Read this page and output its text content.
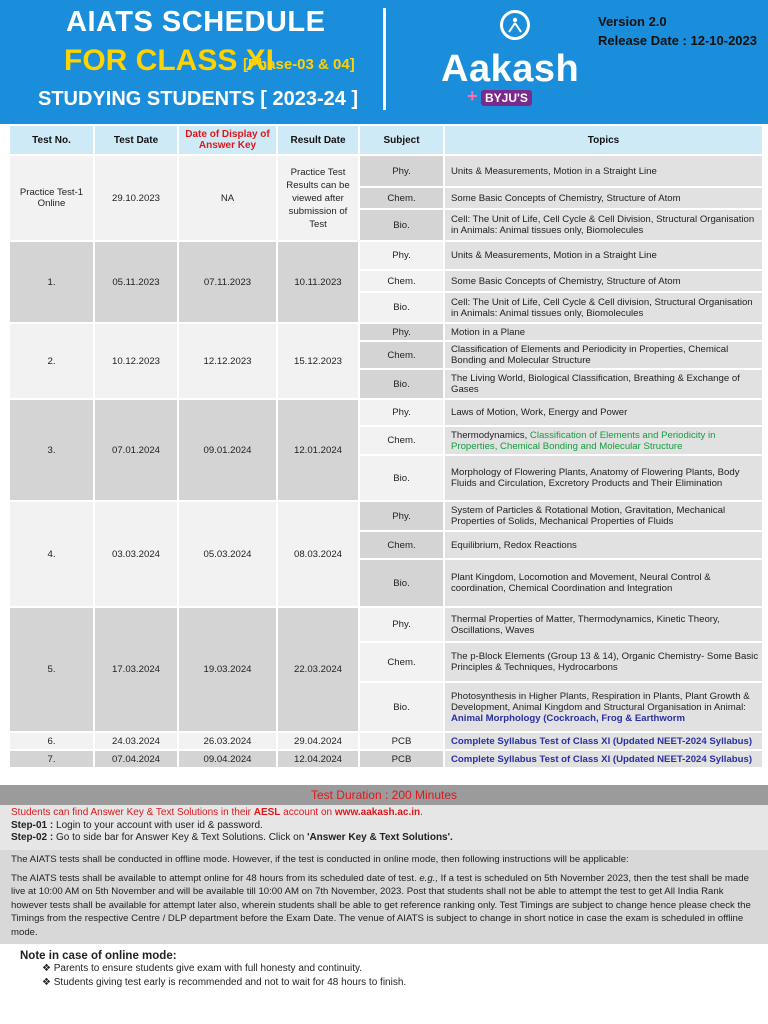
AIATS SCHEDULE
FOR CLASS XI
[Phase-03 & 04]
STUDYING STUDENTS [ 2023-24 ]
Aakash
+ BYJU'S
Version 2.0
Release Date : 12-10-2023
Test No.	Test Date	Date of Display of Answer Key	Result Date	Subject	Topics
Practice Test-1 Online	29.10.2023	NA	Practice Test Results can be viewed after submission of Test	Phy.	Units & Measurements, Motion in a Straight Line
				Chem.	Some Basic Concepts of Chemistry, Structure of Atom
				Bio.	Cell: The Unit of Life, Cell Cycle & Cell Division, Structural Organisation in Animals: Animal tissues only, Biomolecules
1.	05.11.2023	07.11.2023	10.11.2023	Phy.	Units & Measurements, Motion in a Straight Line
				Chem.	Some Basic Concepts of Chemistry, Structure of Atom
				Bio.	Cell: The Unit of Life, Cell Cycle & Cell division, Structural Organisation in Animals: Animal tissues only, Biomolecules
2.	10.12.2023	12.12.2023	15.12.2023	Phy.	Motion in a Plane
				Chem.	Classification of Elements and Periodicity in Properties, Chemical Bonding and Molecular Structure
				Bio.	The Living World, Biological Classification, Breathing & Exchange of Gases
3.	07.01.2024	09.01.2024	12.01.2024	Phy.	Laws of Motion, Work, Energy and Power
				Chem.	Thermodynamics, Classification of Elements and Periodicity in Properties, Chemical Bonding and Molecular Structure
				Bio.	Morphology of Flowering Plants, Anatomy of Flowering Plants, Body Fluids and Circulation, Excretory Products and Their Elimination
4.	03.03.2024	05.03.2024	08.03.2024	Phy.	System of Particles & Rotational Motion, Gravitation, Mechanical Properties of Solids, Mechanical Properties of Fluids
				Chem.	Equilibrium, Redox Reactions
				Bio.	Plant Kingdom, Locomotion and Movement, Neural Control & coordination, Chemical Coordination and Integration
5.	17.03.2024	19.03.2024	22.03.2024	Phy.	Thermal Properties of Matter, Thermodynamics, Kinetic Theory, Oscillations, Waves
				Chem.	The p-Block Elements (Group 13 & 14), Organic Chemistry- Some Basic Principles & Techniques, Hydrocarbons
				Bio.	Photosynthesis in Higher Plants, Respiration in Plants, Plant Growth & Development, Animal Kingdom and Structural Organisation in Animal: Animal Morphology (Cockroach, Frog & Earthworm
6.	24.03.2024	26.03.2024	29.04.2024	PCB	Complete Syllabus Test of Class XI (Updated NEET-2024 Syllabus)
7.	07.04.2024	09.04.2024	12.04.2024	PCB	Complete Syllabus Test of Class XI (Updated NEET-2024 Syllabus)
Test Duration : 200 Minutes
Students can find Answer Key & Text Solutions in their AESL account on www.aakash.ac.in.
Step-01 : Login to your account with user id & password.
Step-02 : Go to side bar for Answer Key & Text Solutions. Click on 'Answer Key & Text Solutions'.

The AIATS tests shall be conducted in offline mode. However, if the test is conducted in online mode, then following instructions will be applicable:

The AIATS tests shall be available to attempt online for 48 hours from its scheduled date of test. e.g., If a test is scheduled on 5th November 2023, then the test shall be made live at 10:00 AM on 5th November and will be available till 10:00 AM on 7th November, 2023. Post that students shall not be able to attempt the test to get All India Rank however tests shall be available for attempt later also, wherein students shall be able to get reference ranking only. Test Timings are subject to change hence please check the Timings from the respective Centre / DLP department before the Exam Date. The venue of AIATS is subject to change in short notice in case the exam is scheduled in offline mode.

Note in case of online mode:
❖ Parents to ensure students give exam with full honesty and continuity.
❖ Students giving test early is recommended and not to wait for 48 hours to finish.
